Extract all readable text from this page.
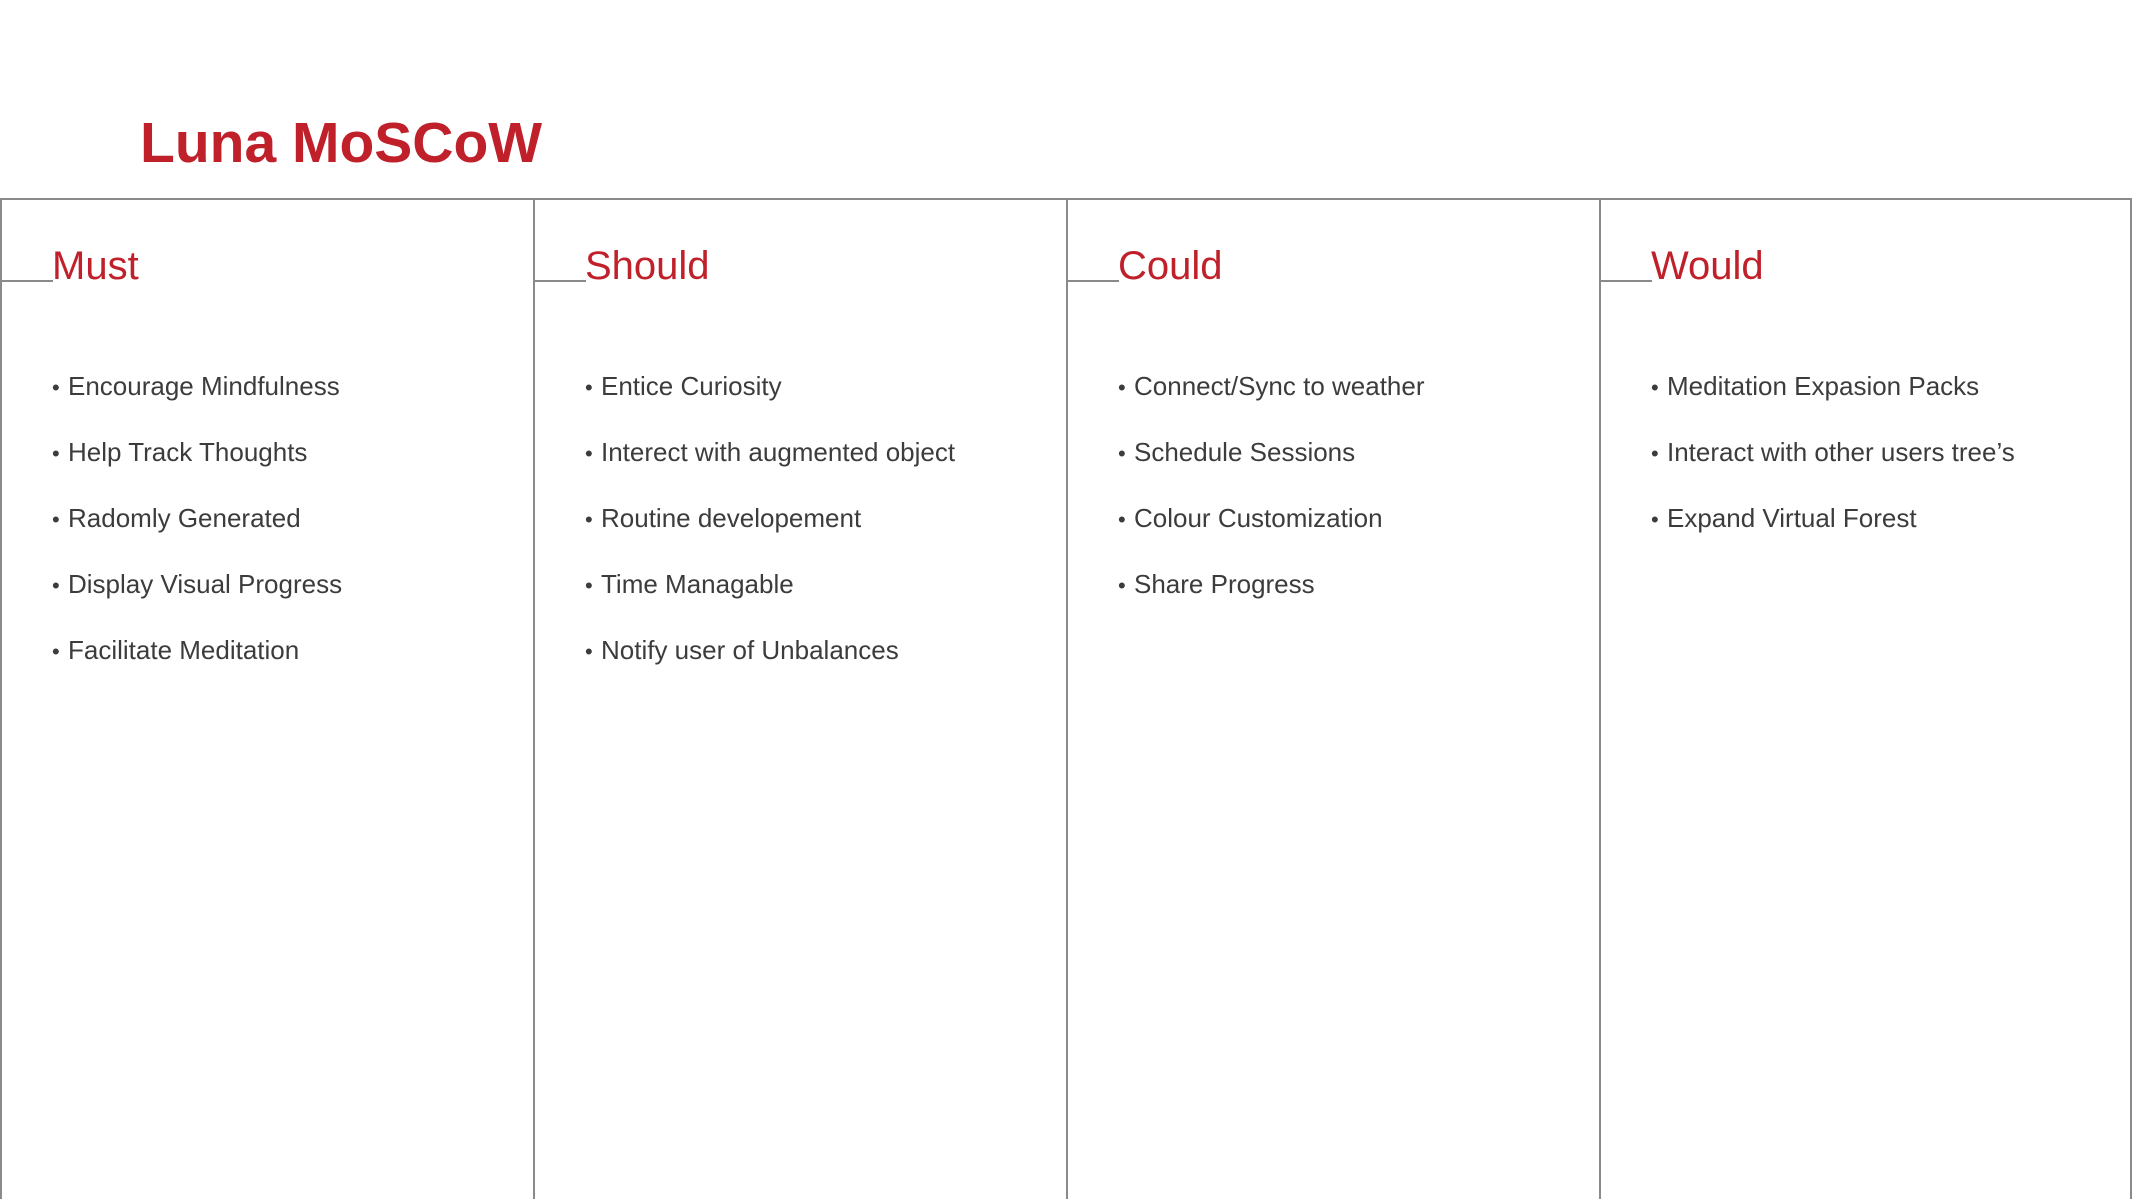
Luna MoSCoW
Must
• Encourage Mindfulness
• Help Track Thoughts
• Radomly Generated
• Display Visual Progress
• Facilitate Meditation
Should
• Entice Curiosity
• Interect with augmented object
• Routine developement
• Time Managable
• Notify user of Unbalances
Could
• Connect/Sync to weather
• Schedule Sessions
• Colour Customization
• Share Progress
Would
• Meditation Expasion Packs
• Interact with other users tree’s
• Expand Virtual Forest
